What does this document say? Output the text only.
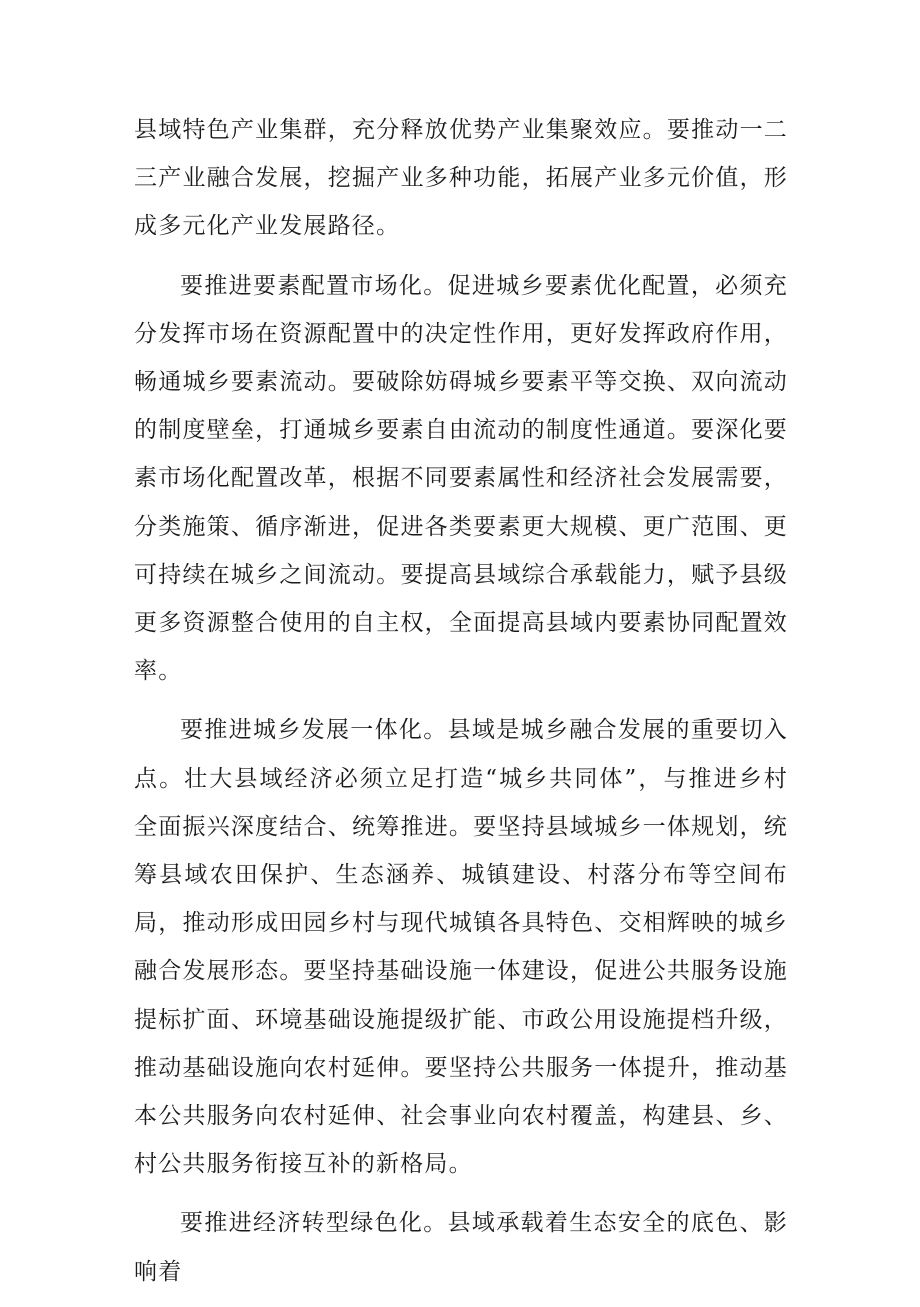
县域特色产业集群，充分释放优势产业集聚效应。要推动一二三产业融合发展，挖掘产业多种功能，拓展产业多元价值，形成多元化产业发展路径。

要推进要素配置市场化。促进城乡要素优化配置，必须充分发挥市场在资源配置中的决定性作用，更好发挥政府作用，畅通城乡要素流动。要破除妨碍城乡要素平等交换、双向流动的制度壁垒，打通城乡要素自由流动的制度性通道。要深化要素市场化配置改革，根据不同要素属性和经济社会发展需要，分类施策、循序渐进，促进各类要素更大规模、更广范围、更可持续在城乡之间流动。要提高县域综合承载能力，赋予县级更多资源整合使用的自主权，全面提高县域内要素协同配置效率。

要推进城乡发展一体化。县域是城乡融合发展的重要切入点。壮大县域经济必须立足打造“城乡共同体”，与推进乡村全面振兴深度结合、统筹推进。要坚持县域城乡一体规划，统筹县域农田保护、生态涵养、城镇建设、村落分布等空间布局，推动形成田园乡村与现代城镇各具特色、交相辉映的城乡融合发展形态。要坚持基础设施一体建设，促进公共服务设施提标扩面、环境基础设施提级扩能、市政公用设施提档升级，推动基础设施向农村延伸。要坚持公共服务一体提升，推动基本公共服务向农村延伸、社会事业向农村覆盖，构建县、乡、村公共服务衔接互补的新格局。

要推进经济转型绿色化。县域承载着生态安全的底色、影响着
